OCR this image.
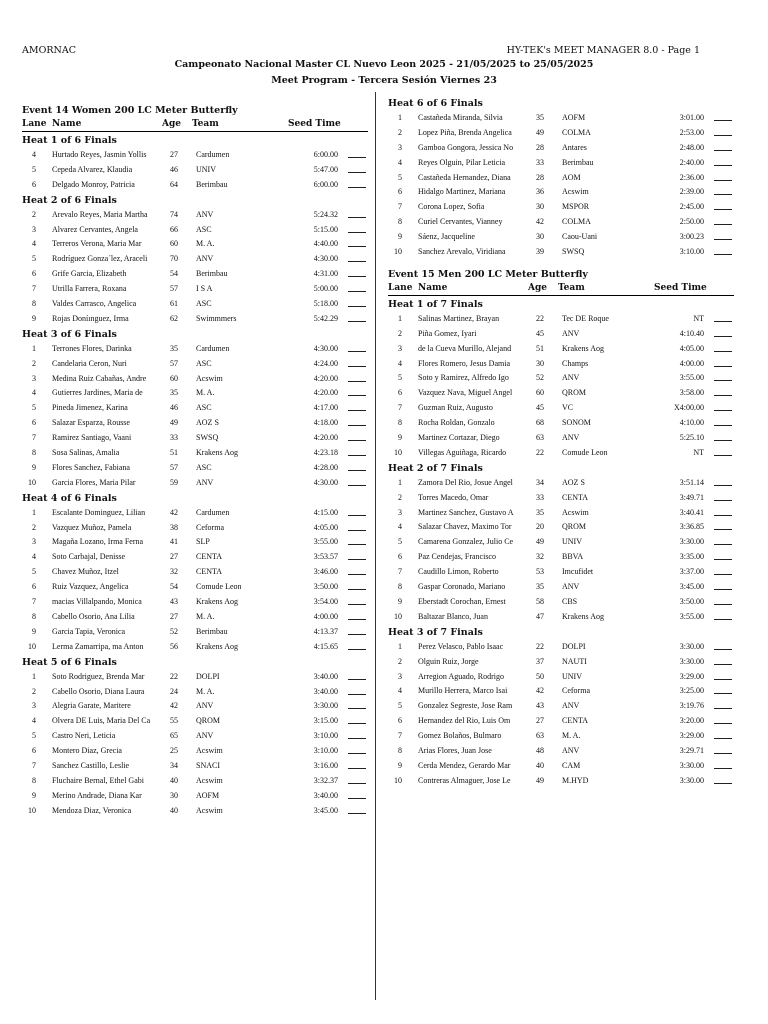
AMORNAC	HY-TEK's MEET MANAGER 8.0 - Page 1
Campeonato Nacional Master CL Nuevo Leon 2025 - 21/05/2025 to 25/05/2025
Meet Program - Tercera Sesión Viernes 23
Event 14 Women 200 LC Meter Butterfly
Lane Name	Age Team	Seed Time
Heat 1 of 6 Finals
4 Hurtado Reyes, Jasmin Yollis	27 Cardumen	6:00.00
5 Cepeda Alvarez, Klaudia	46 UNIV	5:47.00
6 Delgado Monroy, Patricia	64 Berimbau	6:00.00
Heat 2 of 6 Finals
2 Arevalo Reyes, Maria Martha	74 ANV	5:24.32
3 Alvarez Cervantes, Angela	66 ASC	5:15.00
4 Terreros Verona, Maria Mar	60 M. A.	4:40.00
5 Rodríguez Gonza´lez, Araceli	70 ANV	4:30.00
6 Grife Garcia, Elizabeth	54 Berimbau	4:31.00
7 Utrilla Farrera, Roxana	57 I S A	5:00.00
8 Valdes Carrasco, Angelica	61 ASC	5:18.00
9 Rojas Doníınguez, Irma	62 Swimmmers	5:42.29
Heat 3 of 6 Finals
1 Terrones Flores, Darinka	35 Cardumen	4:30.00
2 Candelaria Ceron, Nuri	57 ASC	4:24.00
3 Medina Ruiz Cabañas, Andre	60 Acswim	4:20.00
4 Gutierres Jardines, Maria de	35 M. A.	4:20.00
5 Pineda Jimenez, Karina	46 ASC	4:17.00
6 Salazar Esparza, Rousse	49 AOZ S	4:18.00
7 Ramirez Santiago, Vaani	33 SWSQ	4:20.00
8 Sosa Salinas, Amalia	51 Krakens Aog	4:23.18
9 Flores Sanchez, Fabiana	57 ASC	4:28.00
10 Garcia Flores, Maria Pilar	59 ANV	4:30.00
Heat 4 of 6 Finals
1 Escalante Dominguez, Lilian	42 Cardumen	4:15.00
2 Vazquez Muñoz, Pamela	38 Ceforma	4:05.00
3 Magaña Lozano, Irma Ferna	41 SLP	3:55.00
4 Soto Carbajal, Denisse	27 CENTA	3:53.57
5 Chavez Muñoz, Itzel	32 CENTA	3:46.00
6 Ruiz Vazquez, Angelica	54 Comude Leon	3:50.00
7 macias Villalpando, Monica	43 Krakens Aog	3:54.00
8 Cabello Osorio, Ana Lilia	27 M. A.	4:00.00
9 Garcia Tapia, Veronica	52 Berimbau	4:13.37
10 Lerma Zamarripa, ma Anton	56 Krakens Aog	4:15.65
Heat 5 of 6 Finals
1 Soto Rodriguez, Brenda Mar	22 DOLPI	3:40.00
2 Cabello Osorio, Diana Laura	24 M. A.	3:40.00
3 Alegria Garate, Maritere	42 ANV	3:30.00
4 Olvera DE Luis, Maria Del Ca	55 QROM	3:15.00
5 Castro Neri, Leticia	65 ANV	3:10.00
6 Montero Diaz, Grecia	25 Acswim	3:10.00
7 Sanchez Castillo, Leslie	34 SNACI	3:16.00
8 Fluchaire Bernal, Ethel Gabi	40 Acswim	3:32.37
9 Merino Andrade, Diana Kar	30 AOFM	3:40.00
10 Mendoza Diaz, Veronica	40 Acswim	3:45.00
Heat 6 of 6 Finals
1 Castañeda Miranda, Silvia	35 AOFM	3:01.00
2 Lopez Piña, Brenda Angelica	49 COLMA	2:53.00
3 Gamboa Gongora, Jessica No	28 Antares	2:48.00
4 Reyes Olguin, Pilar Leticia	33 Berimbau	2:40.00
5 Castañeda Hernandez, Diana	28 AOM	2:36.00
6 Hidalgo Martinez, Mariana	36 Acswim	2:39.00
7 Corona Lopez, Sofia	30 MSPOR	2:45.00
8 Curiel Cervantes, Vianney	42 COLMA	2:50.00
9 Sáenz, Jacqueline	30 Caou-Uani	3:00.23
10 Sanchez Arevalo, Viridiana	39 SWSQ	3:10.00
Event 15 Men 200 LC Meter Butterfly
Lane Name	Age Team	Seed Time
Heat 1 of 7 Finals
1 Salinas Martinez, Brayan	22 Tec DE Roque	NT
2 Piña Gomez, Iyari	45 ANV	4:10.40
3 de la Cueva Murillo, Alejand	51 Krakens Aog	4:05.00
4 Flores Romero, Jesus Damia	30 Champs	4:00.00
5 Soto y Ramirez, Alfredo Igo	52 ANV	3:55.00
6 Vazquez Nava, Miguel Angel	60 QROM	3:58.00
7 Guzman Ruiz, Augusto	45 VC	X4:00.00
8 Rocha Roldan, Gonzalo	68 SONOM	4:10.00
9 Martinez Cortazar, Diego	63 ANV	5:25.10
10 Villegas Aguiñaga, Ricardo	22 Comude Leon	NT
Heat 2 of 7 Finals
1 Zamora Del Rio, Josue Angel	34 AOZ S	3:51.14
2 Torres Macedo, Omar	33 CENTA	3:49.71
3 Martinez Sanchez, Gustavo A	35 Acswim	3:40.41
4 Salazar Chavez, Maximo Tor	20 QROM	3:36.85
5 Camarena Gonzalez, Julio Ce	49 UNIV	3:30.00
6 Paz Cendejas, Francisco	32 BBVA	3:35.00
7 Caudillo Limon, Roberto	53 Imcufidet	3:37.00
8 Gaspar Coronado, Mariano	35 ANV	3:45.00
9 Eberstadt Corochan, Ernest	58 CBS	3:50.00
10 Baltazar Blanco, Juan	47 Krakens Aog	3:55.00
Heat 3 of 7 Finals
1 Perez Velasco, Pablo Isaac	22 DOLPI	3:30.00
2 Olguin Ruiz, Jorge	37 NAUTI	3:30.00
3 Arregion Aguado, Rodrigo	50 UNIV	3:29.00
4 Murillo Herrera, Marco Isai	42 Ceforma	3:25.00
5 Gonzalez Segreste, Jose Ram	43 ANV	3:19.76
6 Hernandez del Rio, Luis Om	27 CENTA	3:20.00
7 Gomez Bolaños, Bulmaro	63 M. A.	3:29.00
8 Arias Flores, Juan Jose	48 ANV	3:29.71
9 Cerda Mendez, Gerardo Mar	40 CAM	3:30.00
10 Contreras Almaguer, Jose Le	49 M.HYD	3:30.00
